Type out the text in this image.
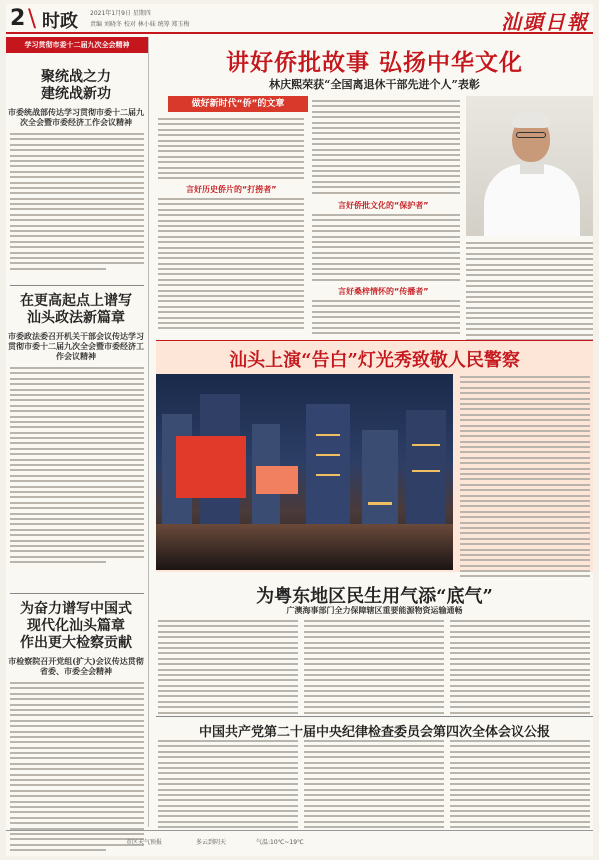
2 \ 时政 2021年1月9日 星期四
责编 刘晓冬 校对 林小妹 统筹 郑玉梅	汕頭日報
学习贯彻市委十二届九次全会精神
聚统战之力
建统战新功
市委统战部传达学习贯彻市委十二届九次全会暨市委经济工作会议精神
在更高起点上谱写
汕头政法新篇章
市委政法委召开机关干部会议传达学习贯彻市委十二届九次全会暨市委经济工作会议精神
为奋力谱写中国式
现代化汕头篇章
作出更大检察贡献
市检察院召开党组(扩大)会议传达贯彻省委、市委全会精神
讲好侨批故事 弘扬中华文化
林庆熙荣获“全国离退休干部先进个人”表彰
做好新时代“侨”的文章
言好历史侨片的“打捞者”
言好侨批文化的“保护者”
言好桑梓情怀的“传播者”
汕头上演“告白”灯光秀致敬人民警察
为粤东地区民生用气添“底气”
广澳海事部门全力保障辖区重要能源物资运输通畅
中国共产党第二十届中央纪律检查委员会第四次全体会议公报
市区天气预报	多云到阴天	气温:10℃~19℃
